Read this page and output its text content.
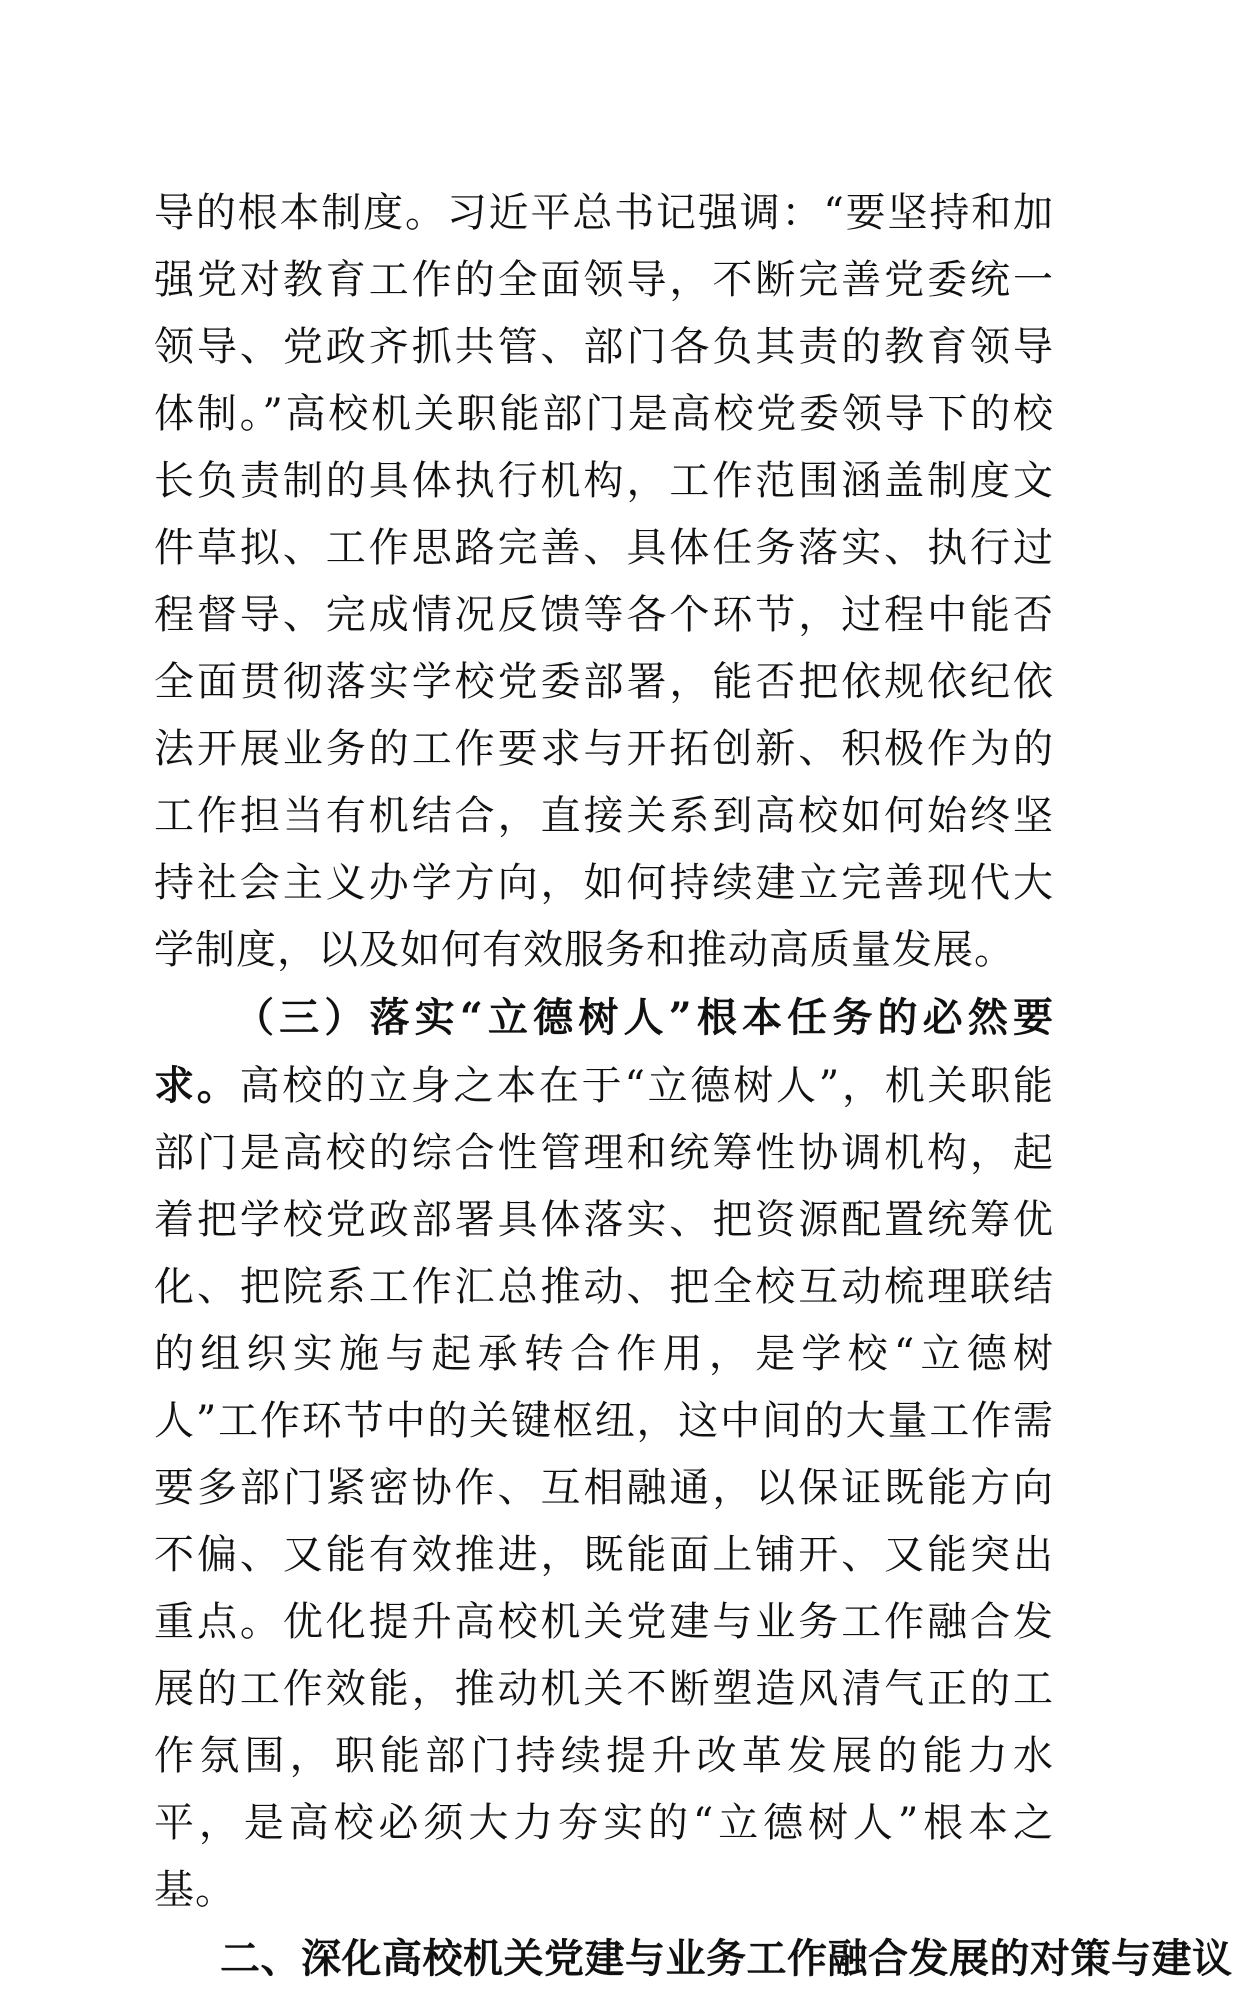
导的根本制度。习近平总书记强调：“要坚持和加强党对教育工作的全面领导，不断完善党委统一领导、党政齐抓共管、部门各负其责的教育领导体制。”高校机关职能部门是高校党委领导下的校长负责制的具体执行机构，工作范围涵盖制度文件草拟、工作思路完善、具体任务落实、执行过程督导、完成情况反馈等各个环节，过程中能否全面贯彻落实学校党委部署，能否把依规依纪依法开展业务的工作要求与开拓创新、积极作为的工作担当有机结合，直接关系到高校如何始终坚持社会主义办学方向，如何持续建立完善现代大学制度，以及如何有效服务和推动高质量发展。

（三）落实“立德树人”根本任务的必然要求。高校的立身之本在于“立德树人”，机关职能部门是高校的综合性管理和统筹性协调机构，起着把学校党政部署具体落实、把资源配置统筹优化、把院系工作汇总推动、把全校互动梳理联结的组织实施与起承转合作用，是学校“立德树人”工作环节中的关键枢纽，这中间的大量工作需要多部门紧密协作、互相融通，以保证既能方向不偏、又能有效推进，既能面上铺开、又能突出重点。优化提升高校机关党建与业务工作融合发展的工作效能，推动机关不断塑造风清气正的工作氛围，职能部门持续提升改革发展的能力水平，是高校必须大力夯实的“立德树人”根本之基。

二、深化高校机关党建与业务工作融合发展的对策与建议
